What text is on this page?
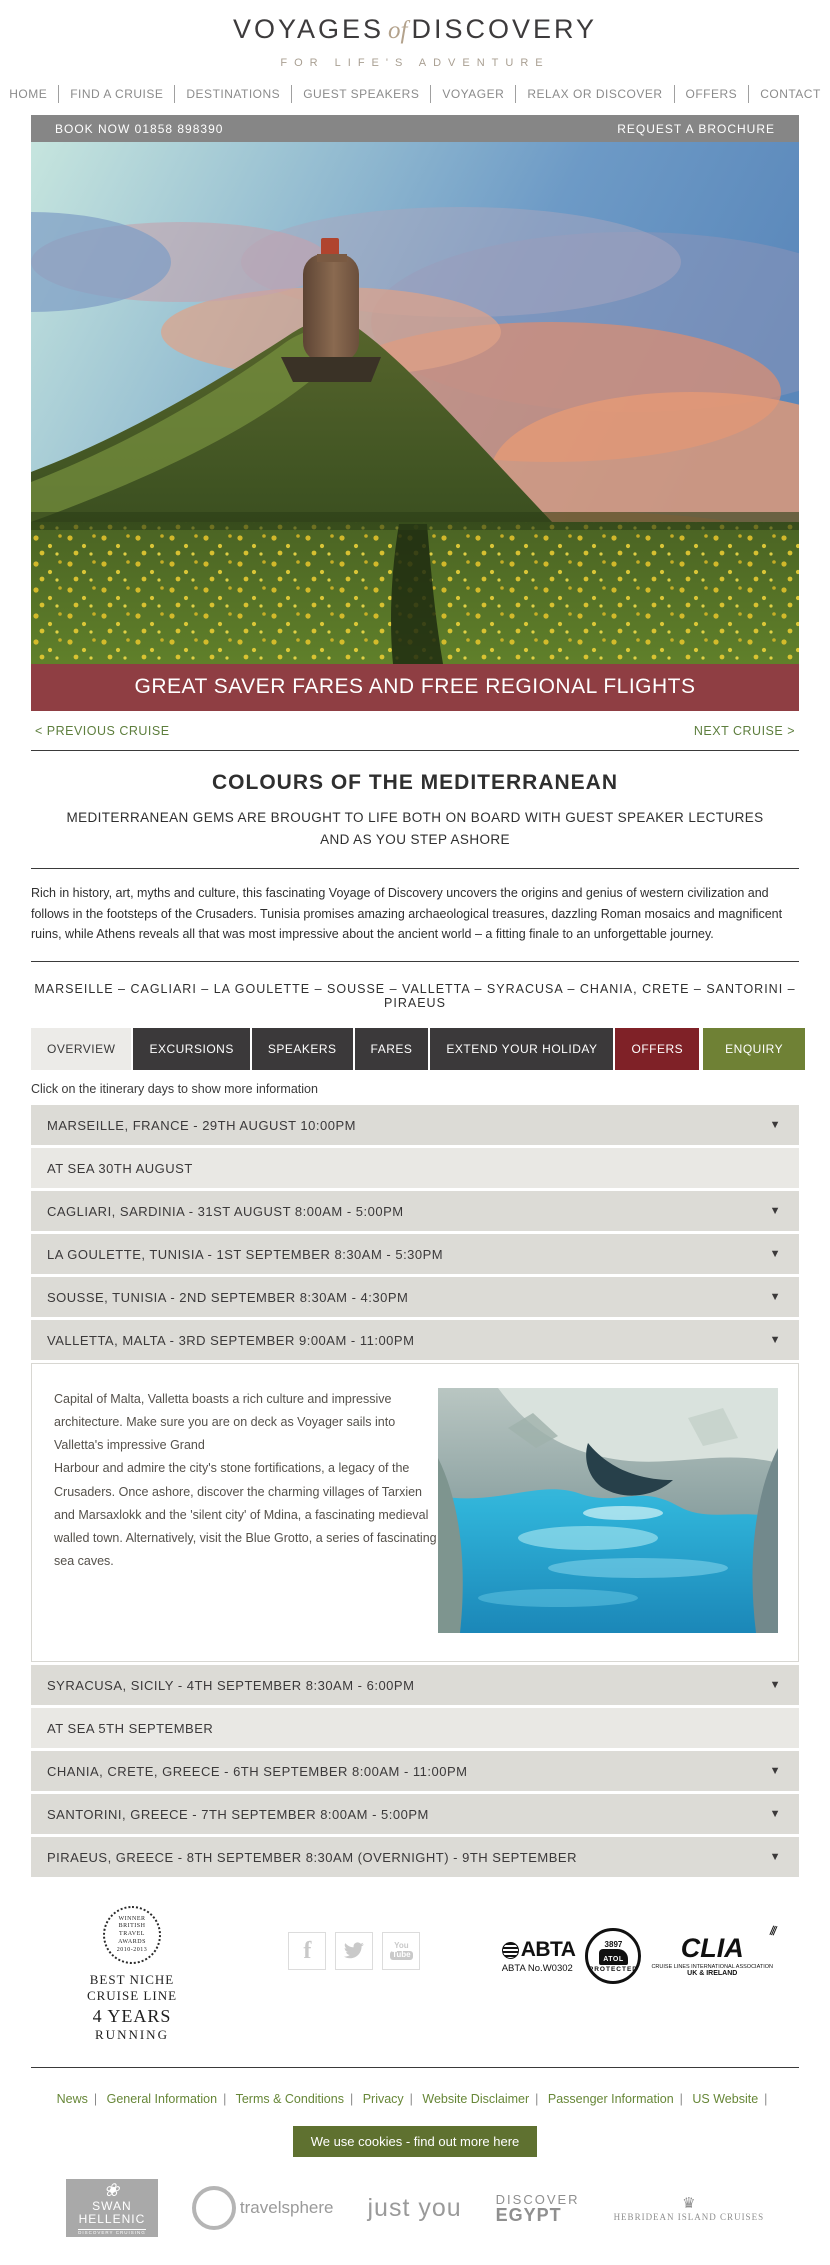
VOYAGES of DISCOVERY
FOR LIFE'S ADVENTURE
HOME	FIND A CRUISE	DESTINATIONS	GUEST SPEAKERS	VOYAGER	RELAX OR DISCOVER	OFFERS	CONTACT
BOOK NOW 01858 898390	REQUEST A BROCHURE
GREAT SAVER FARES AND FREE REGIONAL FLIGHTS
< PREVIOUS CRUISE	NEXT CRUISE >
COLOURS OF THE MEDITERRANEAN
MEDITERRANEAN GEMS ARE BROUGHT TO LIFE BOTH ON BOARD WITH GUEST SPEAKER LECTURES AND AS YOU STEP ASHORE

Rich in history, art, myths and culture, this fascinating Voyage of Discovery uncovers the origins and genius of western civilization and follows in the footsteps of the Crusaders. Tunisia promises amazing archaeological treasures, dazzling Roman mosaics and magnificent ruins, while Athens reveals all that was most impressive about the ancient world – a fitting finale to an unforgettable journey.

MARSEILLE – CAGLIARI – LA GOULETTE – SOUSSE – VALLETTA – SYRACUSA – CHANIA, CRETE – SANTORINI – PIRAEUS
OVERVIEW	EXCURSIONS	SPEAKERS	FARES	EXTEND YOUR HOLIDAY	OFFERS	ENQUIRY
Click on the itinerary days to show more information
MARSEILLE, FRANCE - 29TH AUGUST 10:00PM	▼
AT SEA 30TH AUGUST
CAGLIARI, SARDINIA - 31ST AUGUST 8:00AM - 5:00PM	▼
LA GOULETTE, TUNISIA - 1ST SEPTEMBER 8:30AM - 5:30PM	▼
SOUSSE, TUNISIA - 2ND SEPTEMBER 8:30AM - 4:30PM	▼
VALLETTA, MALTA - 3RD SEPTEMBER 9:00AM - 11:00PM	▼
Capital of Malta, Valletta boasts a rich culture and impressive architecture. Make sure you are on deck as Voyager sails into Valletta's impressive Grand
Harbour and admire the city's stone fortifications, a legacy of the Crusaders. Once ashore, discover the charming villages of Tarxien and Marsaxlokk and the 'silent city' of Mdina, a fascinating medieval walled town. Alternatively, visit the Blue Grotto, a series of fascinating sea caves.
SYRACUSA, SICILY - 4TH SEPTEMBER 8:30AM - 6:00PM	▼
AT SEA 5TH SEPTEMBER
CHANIA, CRETE, GREECE - 6TH SEPTEMBER 8:00AM - 11:00PM	▼
SANTORINI, GREECE - 7TH SEPTEMBER 8:00AM - 5:00PM	▼
PIRAEUS, GREECE - 8TH SEPTEMBER 8:30AM (OVERNIGHT) - 9TH SEPTEMBER	▼
WINNER
BRITISH
TRAVEL
AWARDS
2010-2013
BEST NICHE
CRUISE LINE
4 YEARS
RUNNING
f	You
Tube	ABTA
ABTA No.W0302
3897
ATOL
PROTECTED
///
CLIA
CRUISE LINES INTERNATIONAL ASSOCIATION
UK & IRELAND
News | General Information | Terms & Conditions | Privacy | Website Disclaimer | Passenger Information | US Website |
We use cookies - find out more here
❀
SWAN
HELLENIC
DISCOVERY CRUISING
travelsphere just you	DISCOVER
EGYPT
♛
HEBRIDEAN ISLAND CRUISES
